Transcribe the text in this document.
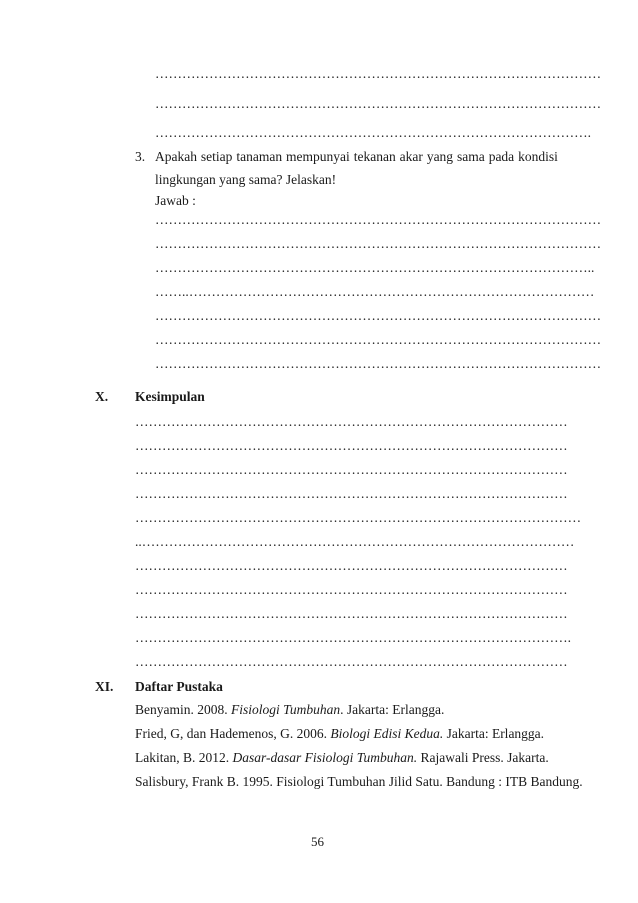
………………………………………………………………………………………
………………………………………………………………………………………
…………………………………………………………………………………….
3. Apakah setiap tanaman mempunyai tekanan akar yang sama pada kondisi
lingkungan yang sama? Jelaskan!
Jawab :
………………………………………………………………………………………
………………………………………………………………………………………
……………………………………………………………………………………..
……..………………………………………………………………………………
………………………………………………………………………………………
………………………………………………………………………………………
………………………………………………………………………………………
X. Kesimpulan
……………………………………………………………………………………
……………………………………………………………………………………
……………………………………………………………………………………
……………………………………………………………………………………
………………………………………………………………………………………
..……………………………………………………………………………………
……………………………………………………………………………………
……………………………………………………………………………………
……………………………………………………………………………………
…………………………………………………………………………………….
……………………………………………………………………………………
XI. Daftar Pustaka
Benyamin. 2008. Fisiologi Tumbuhan. Jakarta: Erlangga.
Fried, G, dan Hademenos, G. 2006. Biologi Edisi Kedua. Jakarta: Erlangga.
Lakitan, B. 2012. Dasar-dasar Fisiologi Tumbuhan. Rajawali Press. Jakarta.
Salisbury, Frank B. 1995. Fisiologi Tumbuhan Jilid Satu. Bandung : ITB Bandung.
56
